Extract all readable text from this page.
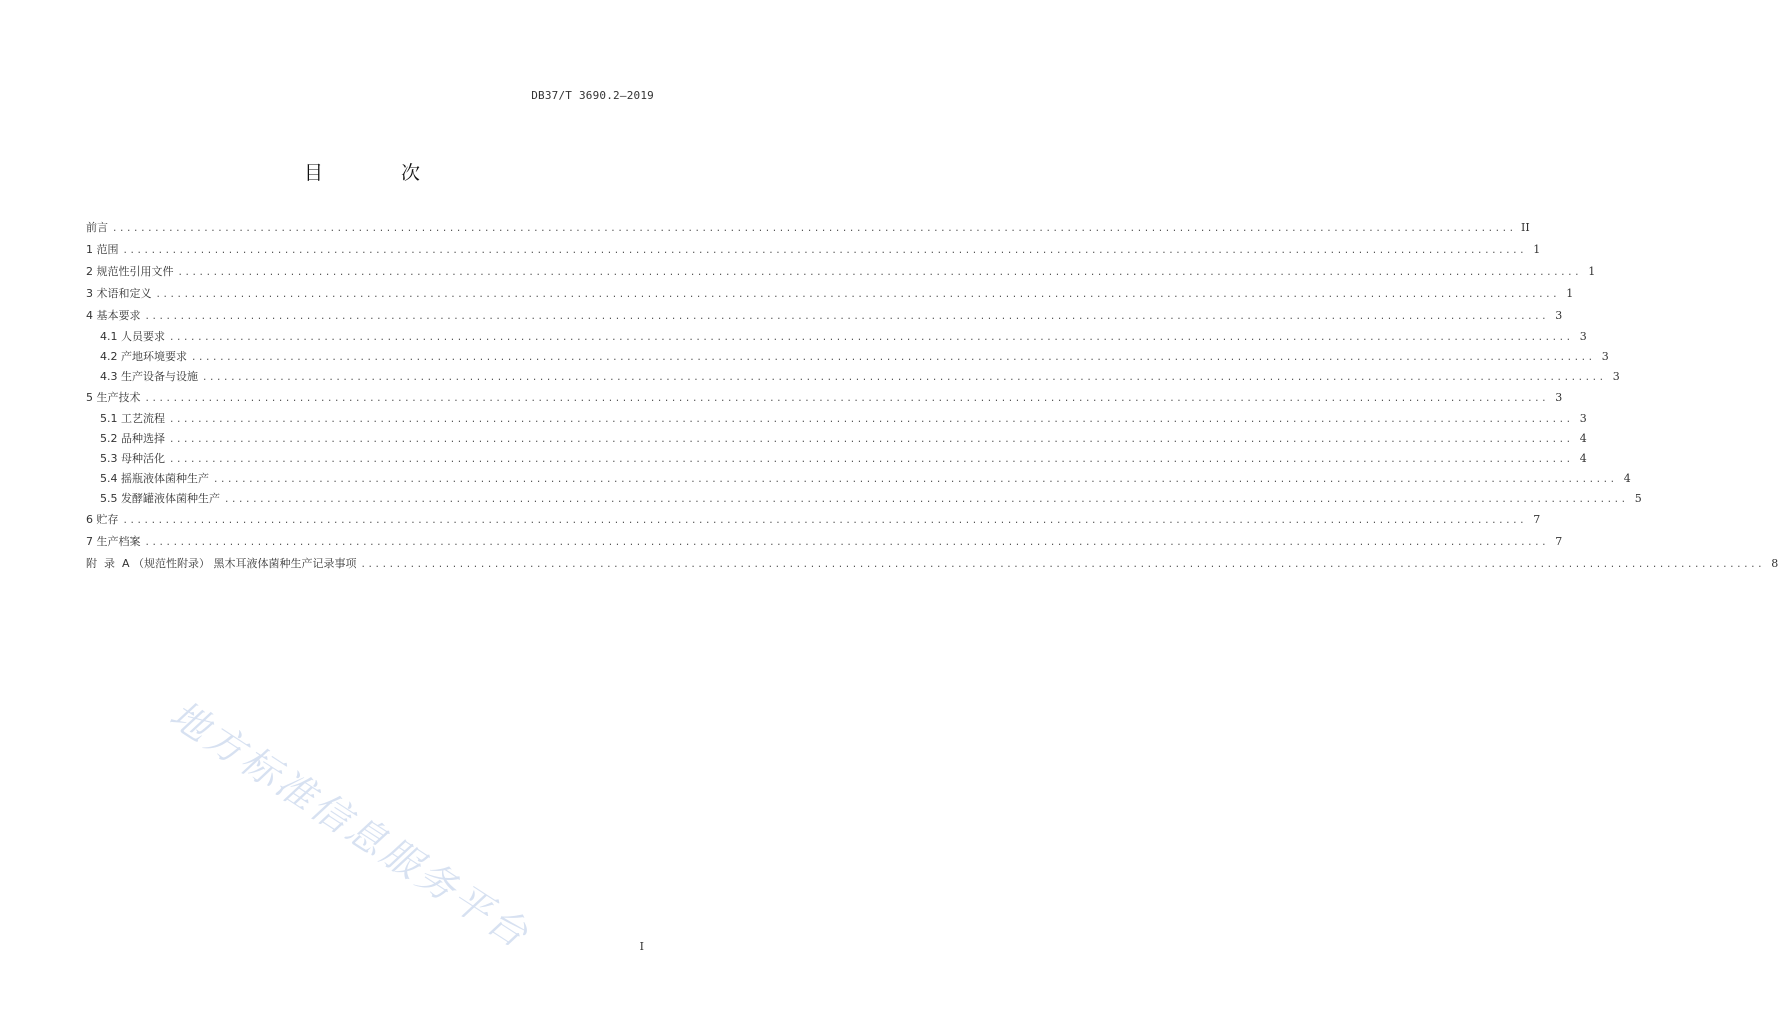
DB37/T 3690.2—2019
目 次
前言 ........................................................................................................................................................................................................ II
1 范围 ........................................................................................................................................................................................................ 1
2 规范性引用文件 ........................................................................................................................................................................................................ 1
3 术语和定义 ........................................................................................................................................................................................................ 1
4 基本要求 ........................................................................................................................................................................................................ 3
4.1 人员要求 ........................................................................................................................................................................................................ 3
4.2 产地环境要求 ........................................................................................................................................................................................................ 3
4.3 生产设备与设施 ........................................................................................................................................................................................................ 3
5 生产技术 ........................................................................................................................................................................................................ 3
5.1 工艺流程 ........................................................................................................................................................................................................ 3
5.2 品种选择 ........................................................................................................................................................................................................ 4
5.3 母种活化 ........................................................................................................................................................................................................ 4
5.4 摇瓶液体菌种生产 ........................................................................................................................................................................................................ 4
5.5 发酵罐液体菌种生产 ........................................................................................................................................................................................................ 5
6 贮存 ........................................................................................................................................................................................................ 7
7 生产档案 ........................................................................................................................................................................................................ 7
附  录  A （规范性附录） 黑木耳液体菌种生产记录事项 ........................................................................................................................................................................................................ 8
地方标准信息服务平台	I
